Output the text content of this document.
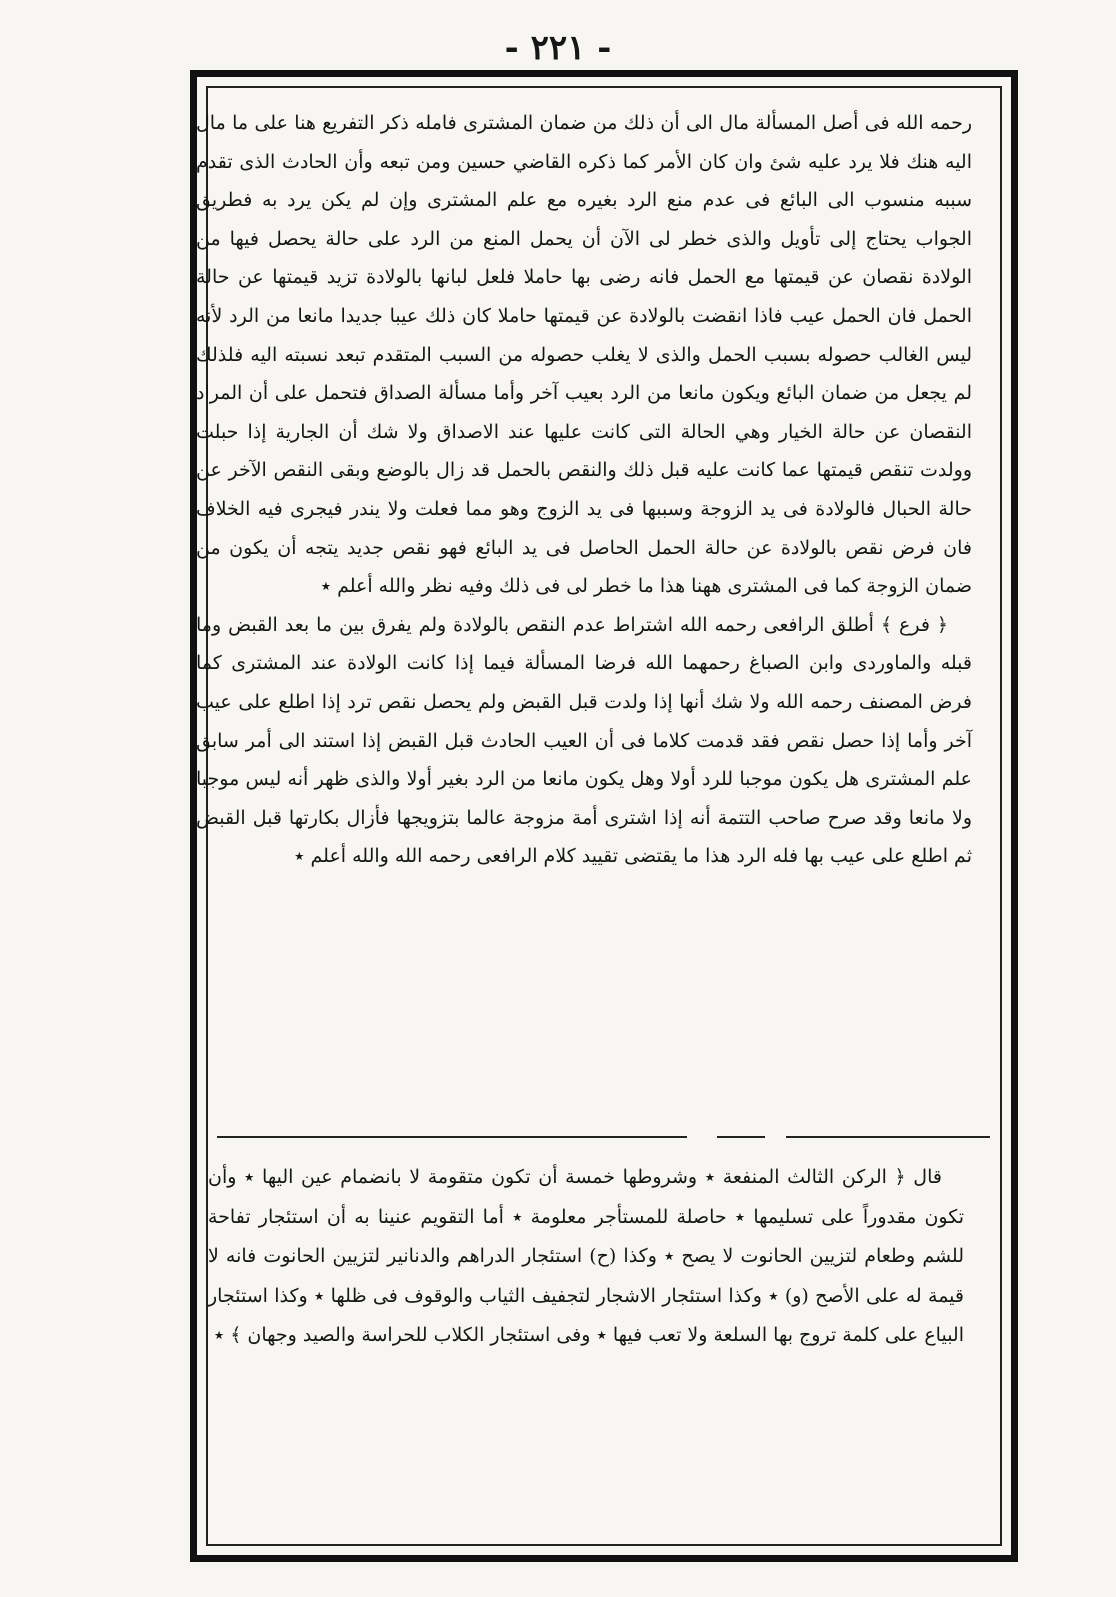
- ٢٢١ -

رحمه الله فى أصل المسألة مال الى أن ذلك من ضمان المشترى فامله ذكر التفريع هنا على ما مال اليه هنك فلا يرد عليه شئ وان كان الأمر كما ذكره القاضي حسين ومن تبعه وأن الحادث الذى تقدم سببه منسوب الى البائع فى عدم منع الرد بغيره مع علم المشترى وإن لم يكن يرد به فطريق الجواب يحتاج إلى تأويل والذى خطر لى الآن أن يحمل المنع من الرد على حالة يحصل فيها من الولادة نقصان عن قيمتها مع الحمل فانه رضى بها حاملا فلعل لبانها بالولادة تزيد قيمتها عن حالة الحمل فان الحمل عيب فاذا انقضت بالولادة عن قيمتها حاملا كان ذلك عيبا جديدا مانعا من الرد لأنه ليس الغالب حصوله بسبب الحمل والذى لا يغلب حصوله من السبب المتقدم تبعد نسبته اليه فلذلك لم يجعل من ضمان البائع ويكون مانعا من الرد بعيب آخر وأما مسألة الصداق فتحمل على أن المراد النقصان عن حالة الخيار وهي الحالة التى كانت عليها عند الاصداق ولا شك أن الجارية إذا حبلت وولدت تنقص قيمتها عما كانت عليه قبل ذلك والنقص بالحمل قد زال بالوضع وبقى النقص الآخر عن حالة الحبال فالولادة فى يد الزوجة وسببها فى يد الزوج وهو مما فعلت ولا يندر فيجرى فيه الخلاف فان فرض نقص بالولادة عن حالة الحمل الحاصل فى يد البائع فهو نقص جديد يتجه أن يكون من ضمان الزوجة كما فى المشترى ههنا هذا ما خطر لى فى ذلك وفيه نظر والله أعلم ٭

﴿ فرع ﴾ أطلق الرافعى رحمه الله اشتراط عدم النقص بالولادة ولم يفرق بين ما بعد القبض وما قبله والماوردى وابن الصباغ رحمهما الله فرضا المسألة فيما إذا كانت الولادة عند المشترى كما فرض المصنف رحمه الله ولا شك أنها إذا ولدت قبل القبض ولم يحصل نقص ترد إذا اطلع على عيب آخر وأما إذا حصل نقص فقد قدمت كلاما فى أن العيب الحادث قبل القبض إذا استند الى أمر سابق علم المشترى هل يكون موجبا للرد أولا وهل يكون مانعا من الرد بغير أولا والذى ظهر أنه ليس موجبا ولا مانعا وقد صرح صاحب التتمة أنه إذا اشترى أمة مزوجة عالما بتزويجها فأزال بكارتها قبل القبض ثم اطلع على عيب بها فله الرد هذا ما يقتضى تقييد كلام الرافعى رحمه الله والله أعلم ٭

قال ﴿ الركن الثالث المنفعة ٭ وشروطها خمسة أن تكون متقومة لا بانضمام عين اليها ٭ وأن تكون مقدوراً على تسليمها ٭ حاصلة للمستأجر معلومة ٭ أما التقويم عنينا به أن استئجار تفاحة للشم وطعام لتزيين الحانوت لا يصح ٭ وكذا (ح) استئجار الدراهم والدنانير لتزيين الحانوت فانه لا قيمة له على الأصح (و) ٭ وكذا استئجار الاشجار لتجفيف الثياب والوقوف فى ظلها ٭ وكذا استئجار البياع على كلمة تروج بها السلعة ولا تعب فيها ٭ وفى استئجار الكلاب للحراسة والصيد وجهان ﴾ ٭
